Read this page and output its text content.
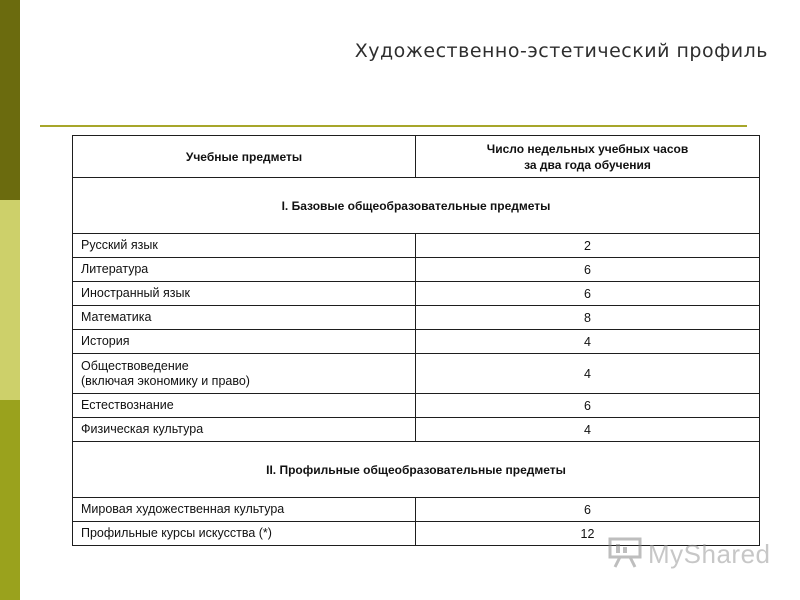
Художественно-эстетический профиль
Учебные предметы	Число недельных учебных часов
за два года обучения
I. Базовые общеобразовательные предметы	
Русский язык	2
Литература	6
Иностранный язык	6
Математика	8
История	4
Обществоведение
(включая экономику и право)	4
Естествознание	6
Физическая культура	4
II. Профильные общеобразовательные предметы	
Мировая художественная культура	6
Профильные курсы искусства (*)	12
MyShared
